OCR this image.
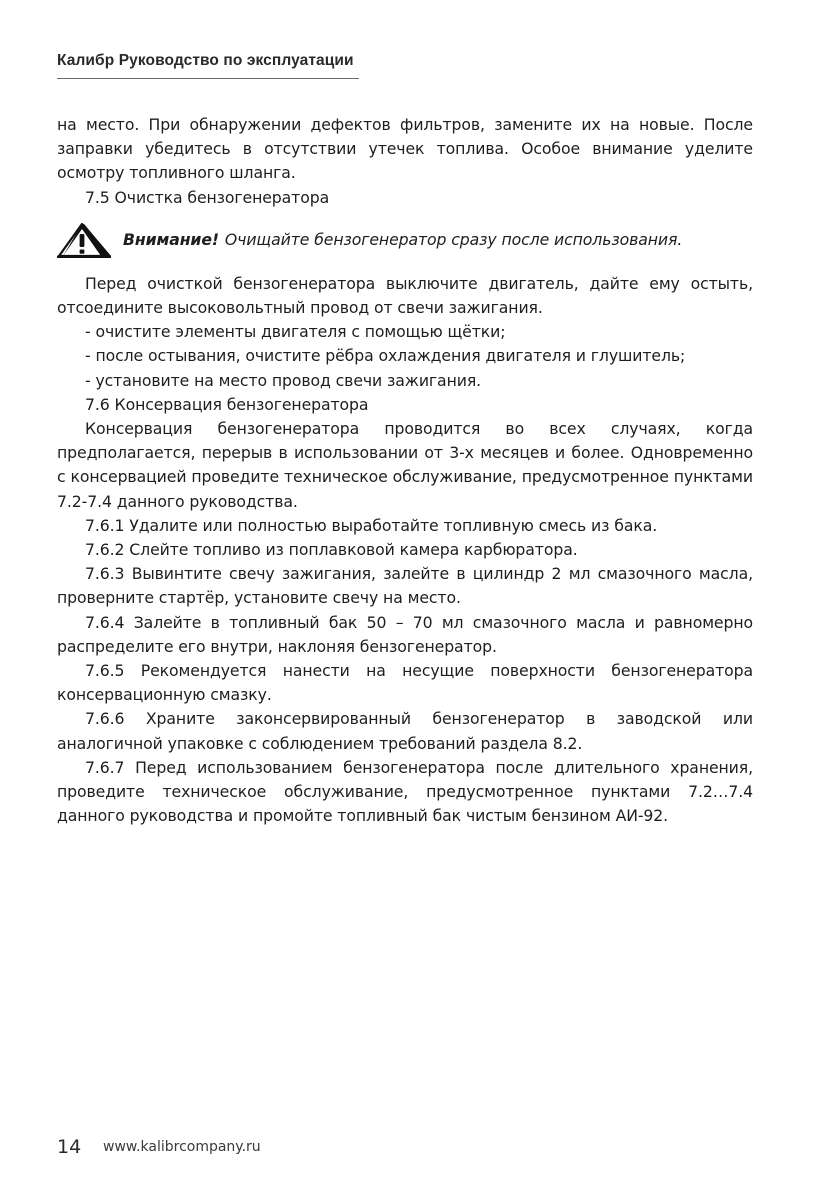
Калибр Руководство по эксплуатации

на место. При обнаружении дефектов фильтров, замените их на новые. После заправки убедитесь в отсутствии утечек топлива. Особое внимание уделите осмотру топливного шланга.

7.5 Очистка бензогенератора

Внимание! Очищайте бензогенератор сразу после использования.

Перед очисткой бензогенератора выключите двигатель, дайте ему остыть, отсоедините высоковольтный провод от свечи зажигания.

- очистите элементы двигателя с помощью щётки;

- после остывания, очистите рёбра охлаждения двигателя и глушитель;

- установите на место провод свечи зажигания.

7.6 Консервация бензогенератора

Консервация бензогенератора проводится во всех случаях, когда предполагается, перерыв в использовании от 3-х месяцев и более. Одновременно с консервацией проведите техническое обслуживание, предусмотренное пунктами 7.2-7.4 данного руководства.

7.6.1 Удалите или полностью выработайте топливную смесь из бака.

7.6.2 Слейте топливо из поплавковой камера карбюратора.

7.6.3 Вывинтите свечу зажигания, залейте в цилиндр 2 мл смазочного масла, проверните стартёр, установите свечу на место.

7.6.4 Залейте в топливный бак 50 – 70 мл смазочного масла и равномерно распределите его внутри, наклоняя бензогенератор.

7.6.5 Рекомендуется нанести на несущие поверхности бензогенератора консервационную смазку.

7.6.6 Храните законсервированный бензогенератор в заводской или аналогичной упаковке с соблюдением требований раздела 8.2.

7.6.7 Перед использованием бензогенератора после длительного хранения, проведите техническое обслуживание, предусмотренное пунктами 7.2…7.4 данного руководства и промойте топливный бак чистым бензином АИ-92.

14 www.kalibrcompany.ru
